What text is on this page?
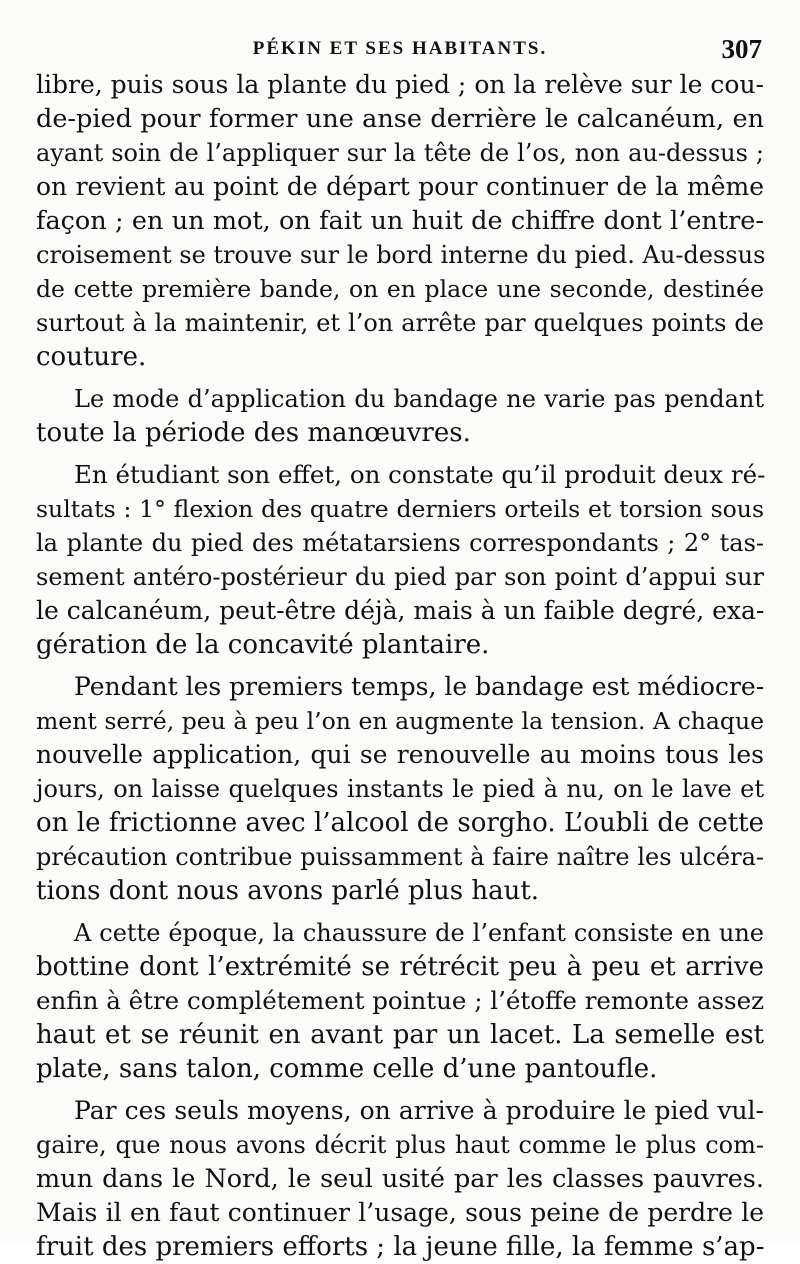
PÉKIN ET SES HABITANTS.	307
libre, puis sous la plante du pied ; on la relève sur le cou-
de-pied pour former une anse derrière le calcanéum, en
ayant soin de l’appliquer sur la tête de l’os, non au-dessus ;
on revient au point de départ pour continuer de la même
façon ; en un mot, on fait un huit de chiffre dont l’entre-
croisement se trouve sur le bord interne du pied. Au-dessus
de cette première bande, on en place une seconde, destinée
surtout à la maintenir, et l’on arrête par quelques points de
couture.
Le mode d’application du bandage ne varie pas pendant
toute la période des manœuvres.
En étudiant son effet, on constate qu’il produit deux ré-
sultats : 1° flexion des quatre derniers orteils et torsion sous
la plante du pied des métatarsiens correspondants ; 2° tas-
sement antéro-postérieur du pied par son point d’appui sur
le calcanéum, peut-être déjà, mais à un faible degré, exa-
gération de la concavité plantaire.
Pendant les premiers temps, le bandage est médiocre-
ment serré, peu à peu l’on en augmente la tension. A chaque
nouvelle application, qui se renouvelle au moins tous les
jours, on laisse quelques instants le pied à nu, on le lave et
on le frictionne avec l’alcool de sorgho. L’oubli de cette
précaution contribue puissamment à faire naître les ulcéra-
tions dont nous avons parlé plus haut.
A cette époque, la chaussure de l’enfant consiste en une
bottine dont l’extrémité se rétrécit peu à peu et arrive
enfin à être complétement pointue ; l’étoffe remonte assez
haut et se réunit en avant par un lacet. La semelle est
plate, sans talon, comme celle d’une pantoufle.
Par ces seuls moyens, on arrive à produire le pied vul-
gaire, que nous avons décrit plus haut comme le plus com-
mun dans le Nord, le seul usité par les classes pauvres.
Mais il en faut continuer l’usage, sous peine de perdre le
fruit des premiers efforts ; la jeune fille, la femme s’ap-
